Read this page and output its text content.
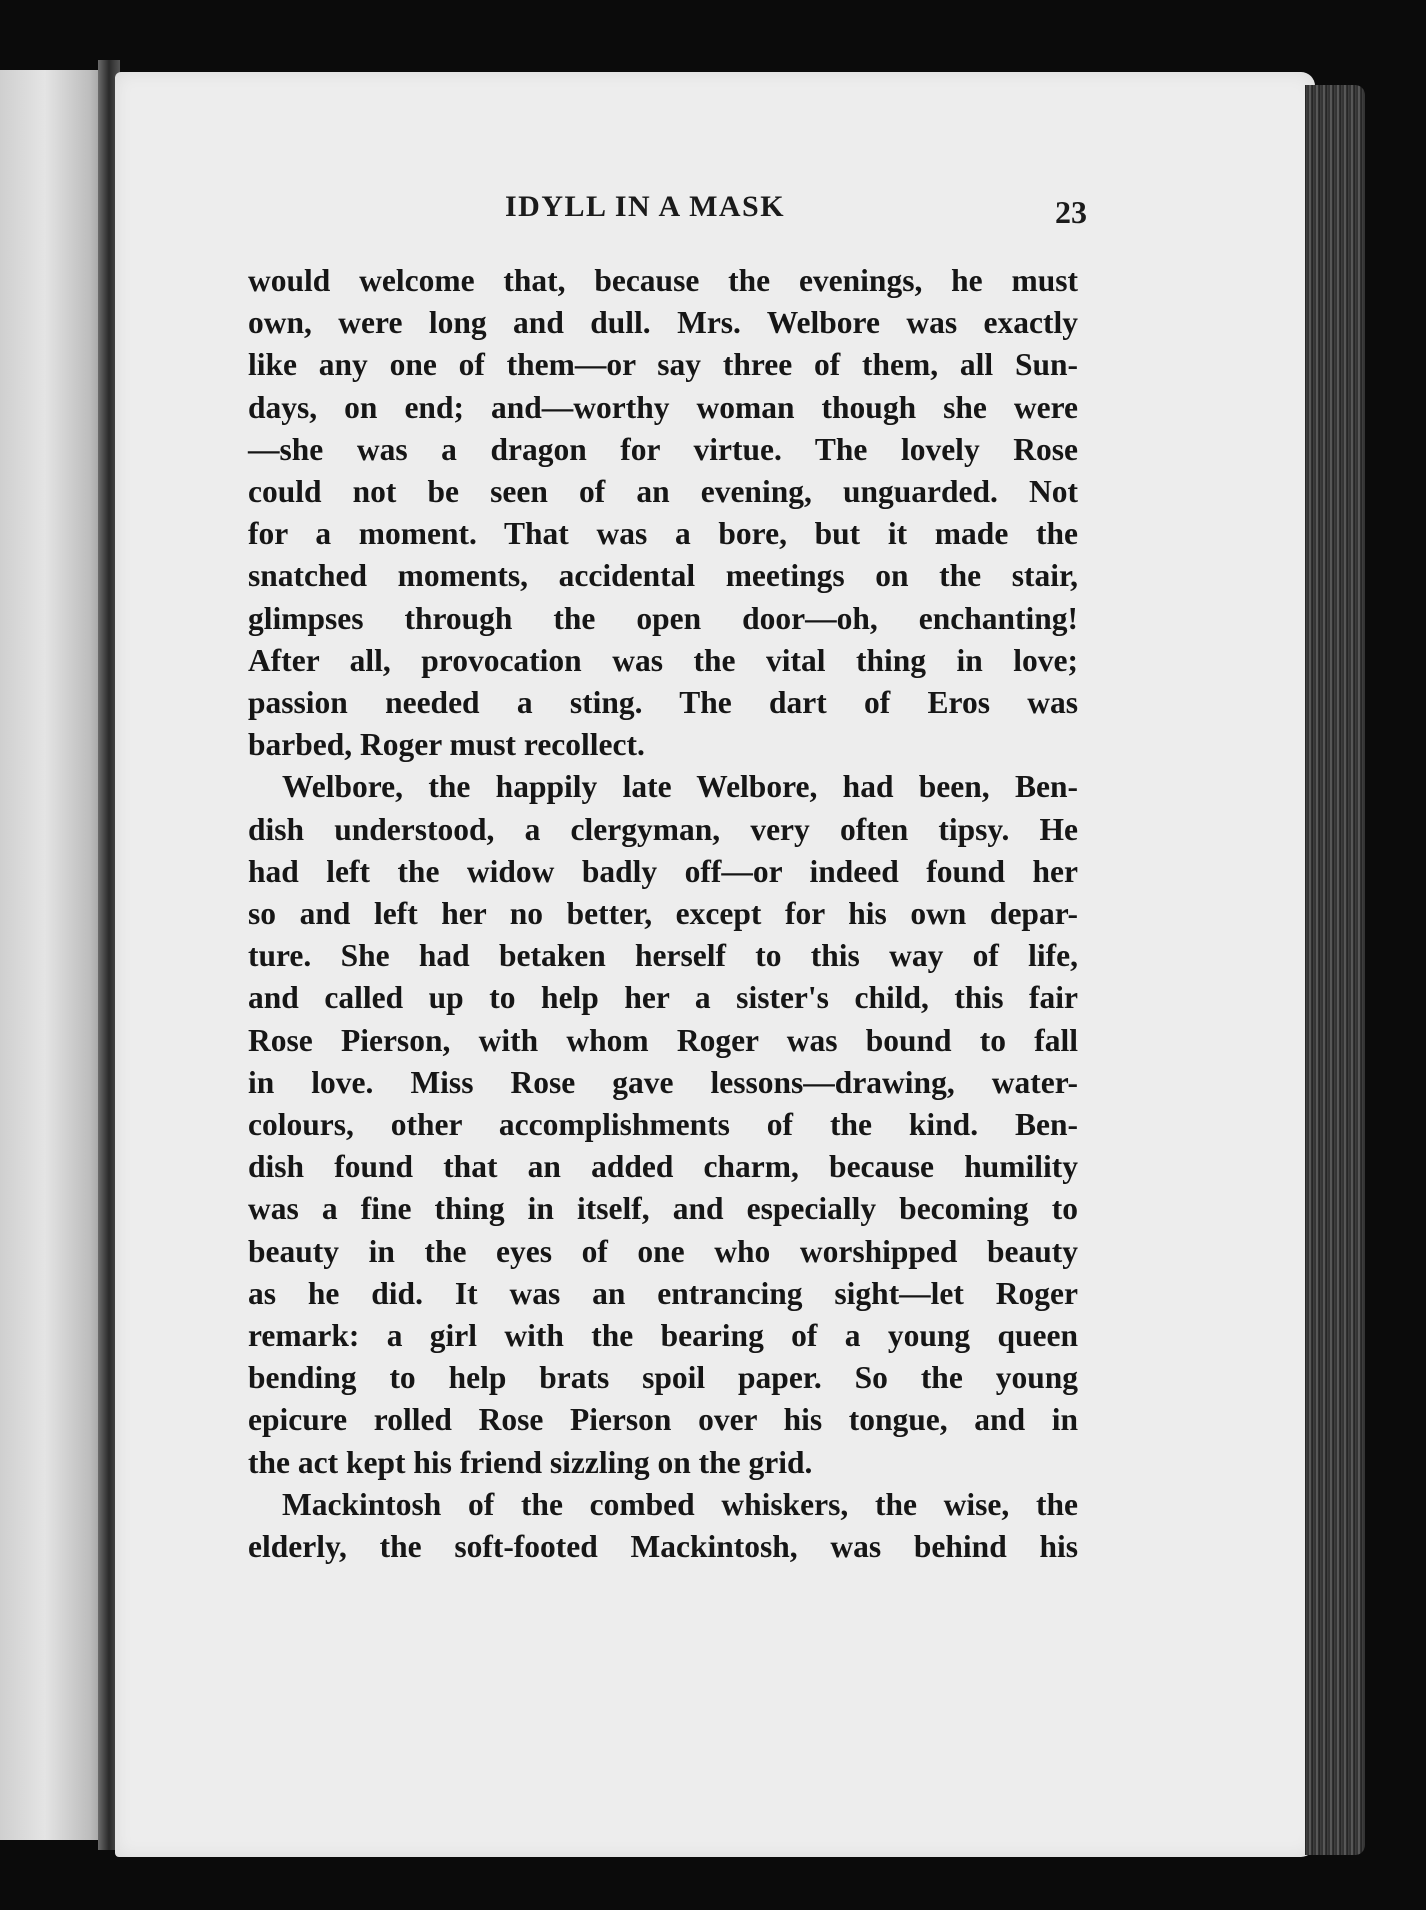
IDYLL IN A MASK	23
would welcome that, because the evenings, he must
own, were long and dull. Mrs. Welbore was exactly
like any one of them—or say three of them, all Sun-
days, on end; and—worthy woman though she were
—she was a dragon for virtue. The lovely Rose
could not be seen of an evening, unguarded. Not
for a moment. That was a bore, but it made the
snatched moments, accidental meetings on the stair,
glimpses through the open door—oh, enchanting!
After all, provocation was the vital thing in love;
passion needed a sting. The dart of Eros was
barbed, Roger must recollect.
Welbore, the happily late Welbore, had been, Ben-
dish understood, a clergyman, very often tipsy. He
had left the widow badly off—or indeed found her
so and left her no better, except for his own depar-
ture. She had betaken herself to this way of life,
and called up to help her a sister's child, this fair
Rose Pierson, with whom Roger was bound to fall
in love. Miss Rose gave lessons—drawing, water-
colours, other accomplishments of the kind. Ben-
dish found that an added charm, because humility
was a fine thing in itself, and especially becoming to
beauty in the eyes of one who worshipped beauty
as he did. It was an entrancing sight—let Roger
remark: a girl with the bearing of a young queen
bending to help brats spoil paper. So the young
epicure rolled Rose Pierson over his tongue, and in
the act kept his friend sizzling on the grid.
Mackintosh of the combed whiskers, the wise, the
elderly, the soft-footed Mackintosh, was behind his
